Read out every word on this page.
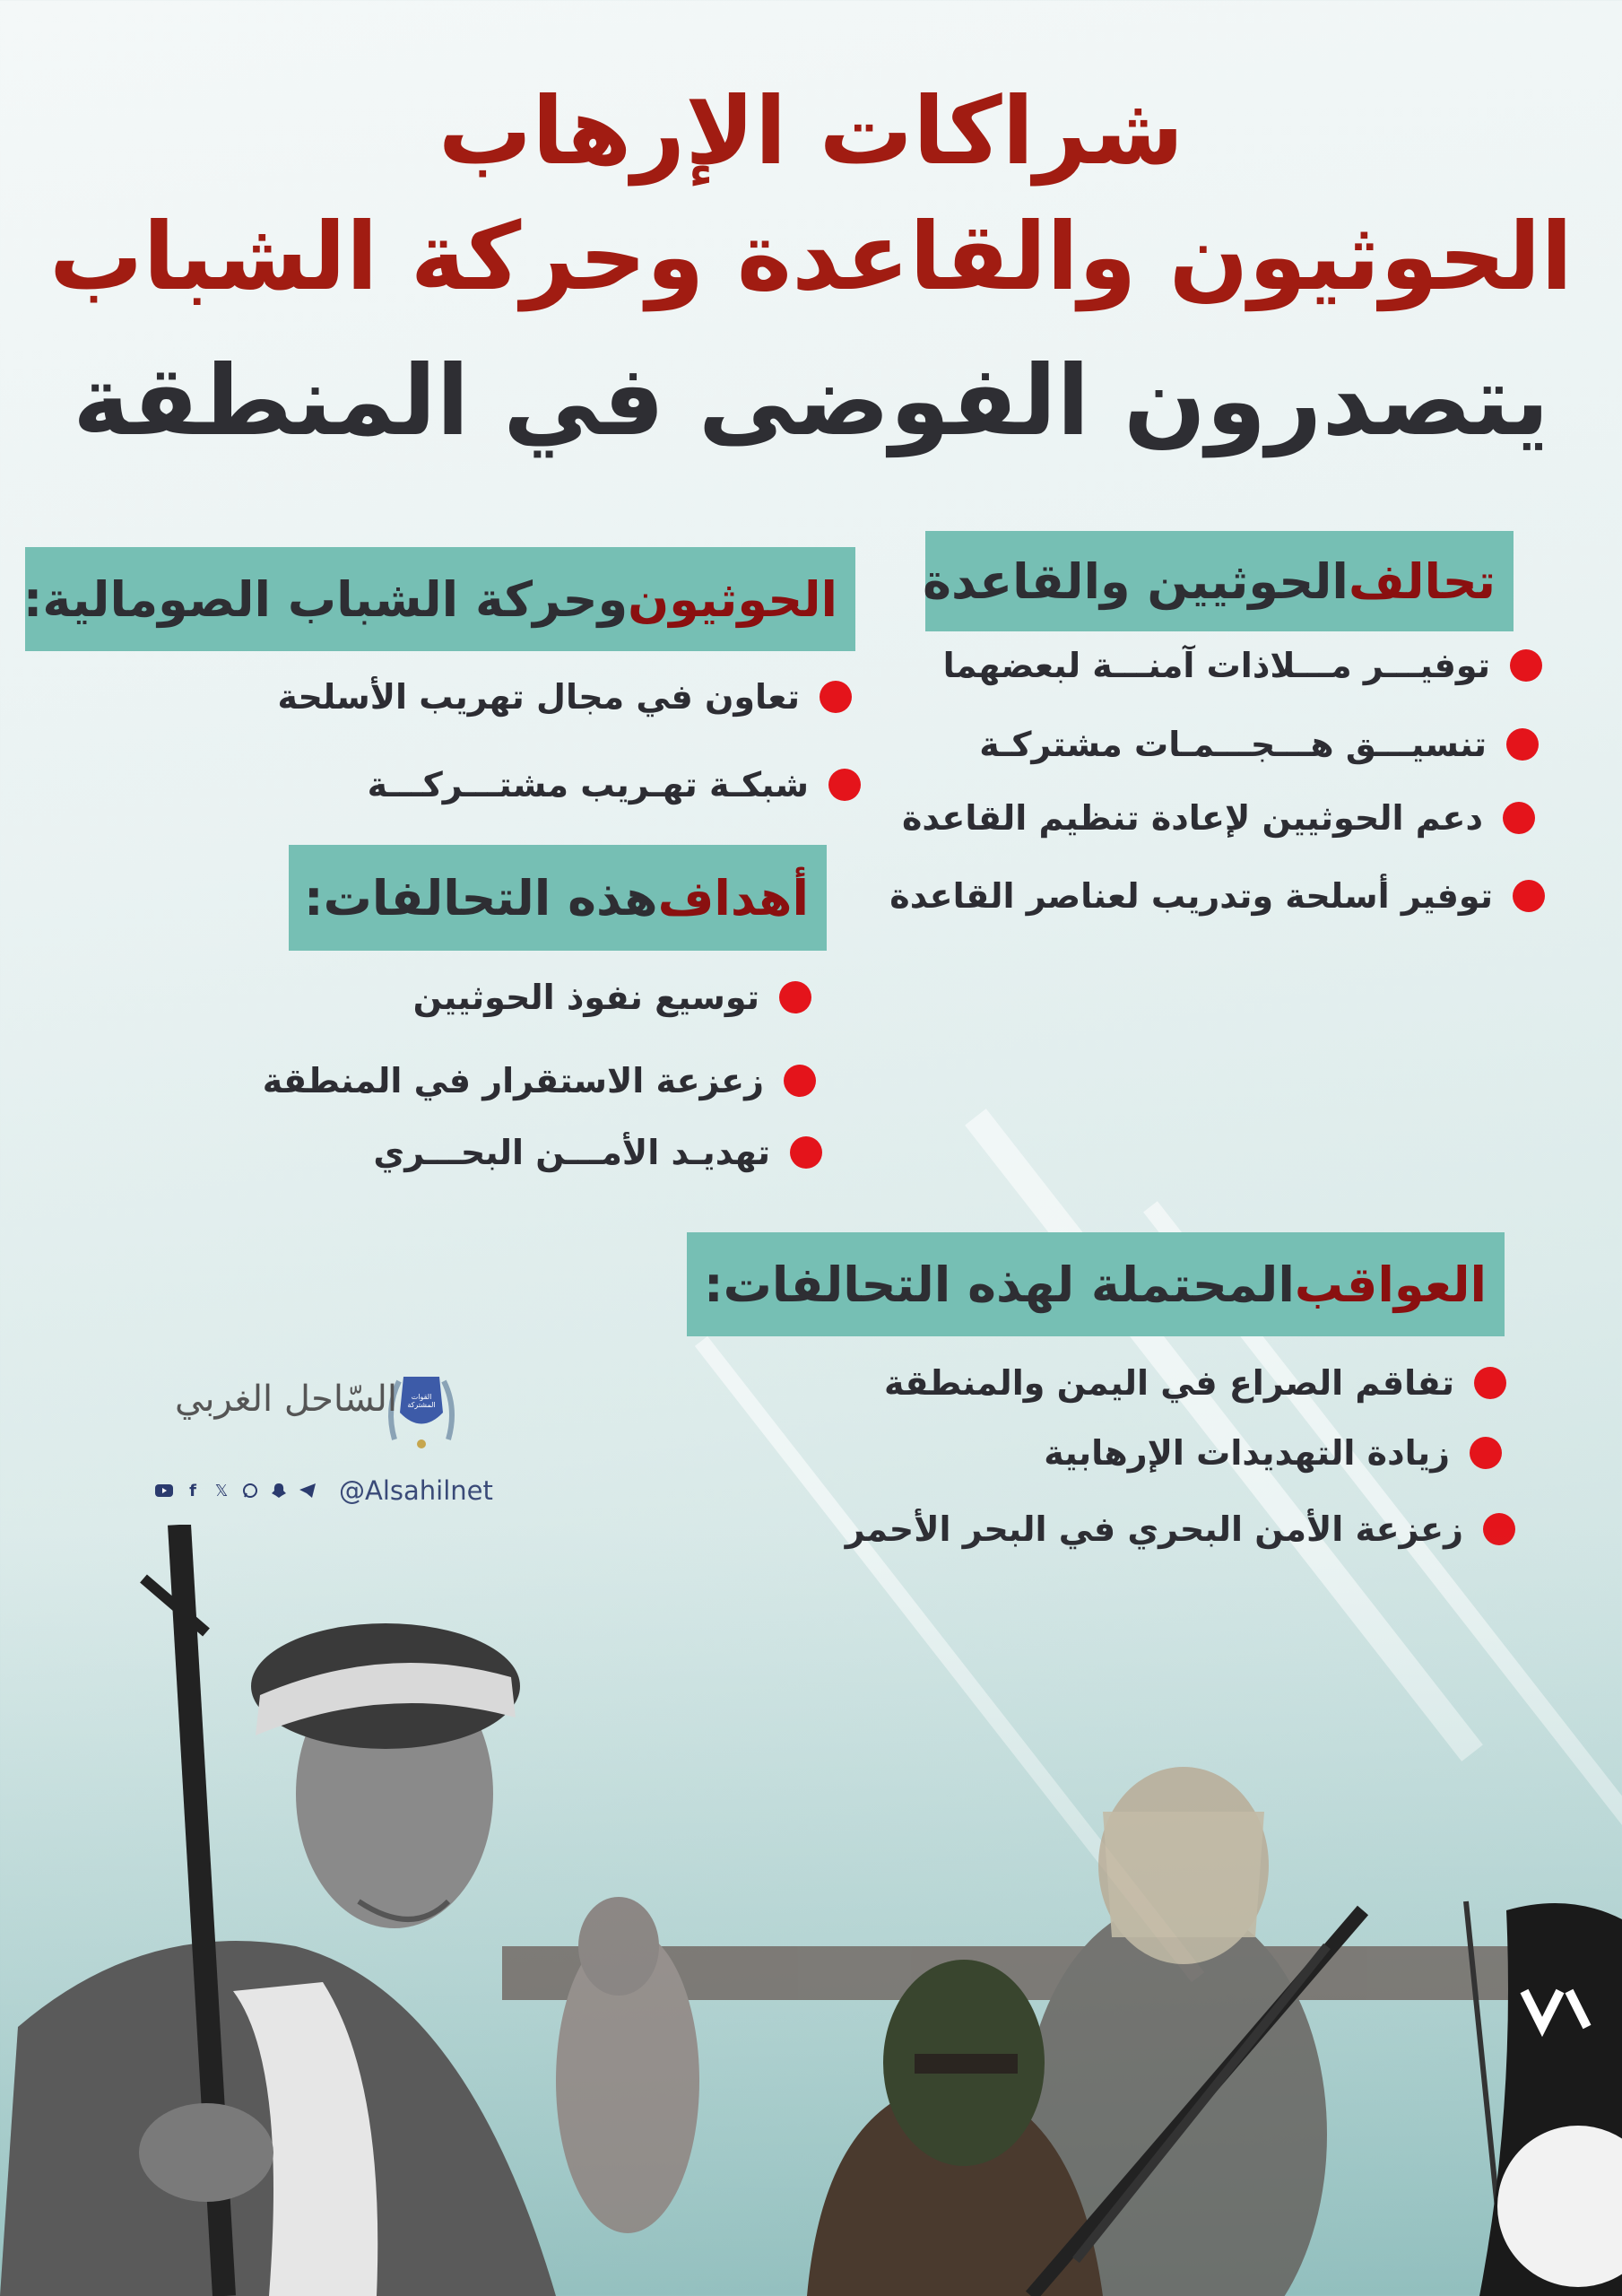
شراكات الإرهاب
الحوثيون والقاعدة وحركة الشباب
يتصدرون الفوضى في المنطقة
تحالف
الحوثيين والقاعدة
توفيـــر مـــلاذات آمنـــة لبعضهما
تنسيـــق هـــجـــمـات مشتركـة
دعم الحوثيين لإعادة تنظيم القاعدة
توفير أسلحة وتدريب لعناصر القاعدة
الحوثيون
وحركة الشباب الصومالية:
تعاون في مجال تهريب الأسلحة
شبكـة تهـريب مشتـــركـــة
أهداف
هذه التحالفات:
توسيع نفوذ الحوثيين
زعزعة الاستقرار في المنطقة
تهديـد الأمـــن البحـــري
العواقب
المحتملة لهذه التحالفات:
تفاقم الصراع في اليمن والمنطقة
زيادة التهديدات الإرهابية
القوات المشتركة
السّاحل الغربي
f	𝕏	@Alsahilnet
